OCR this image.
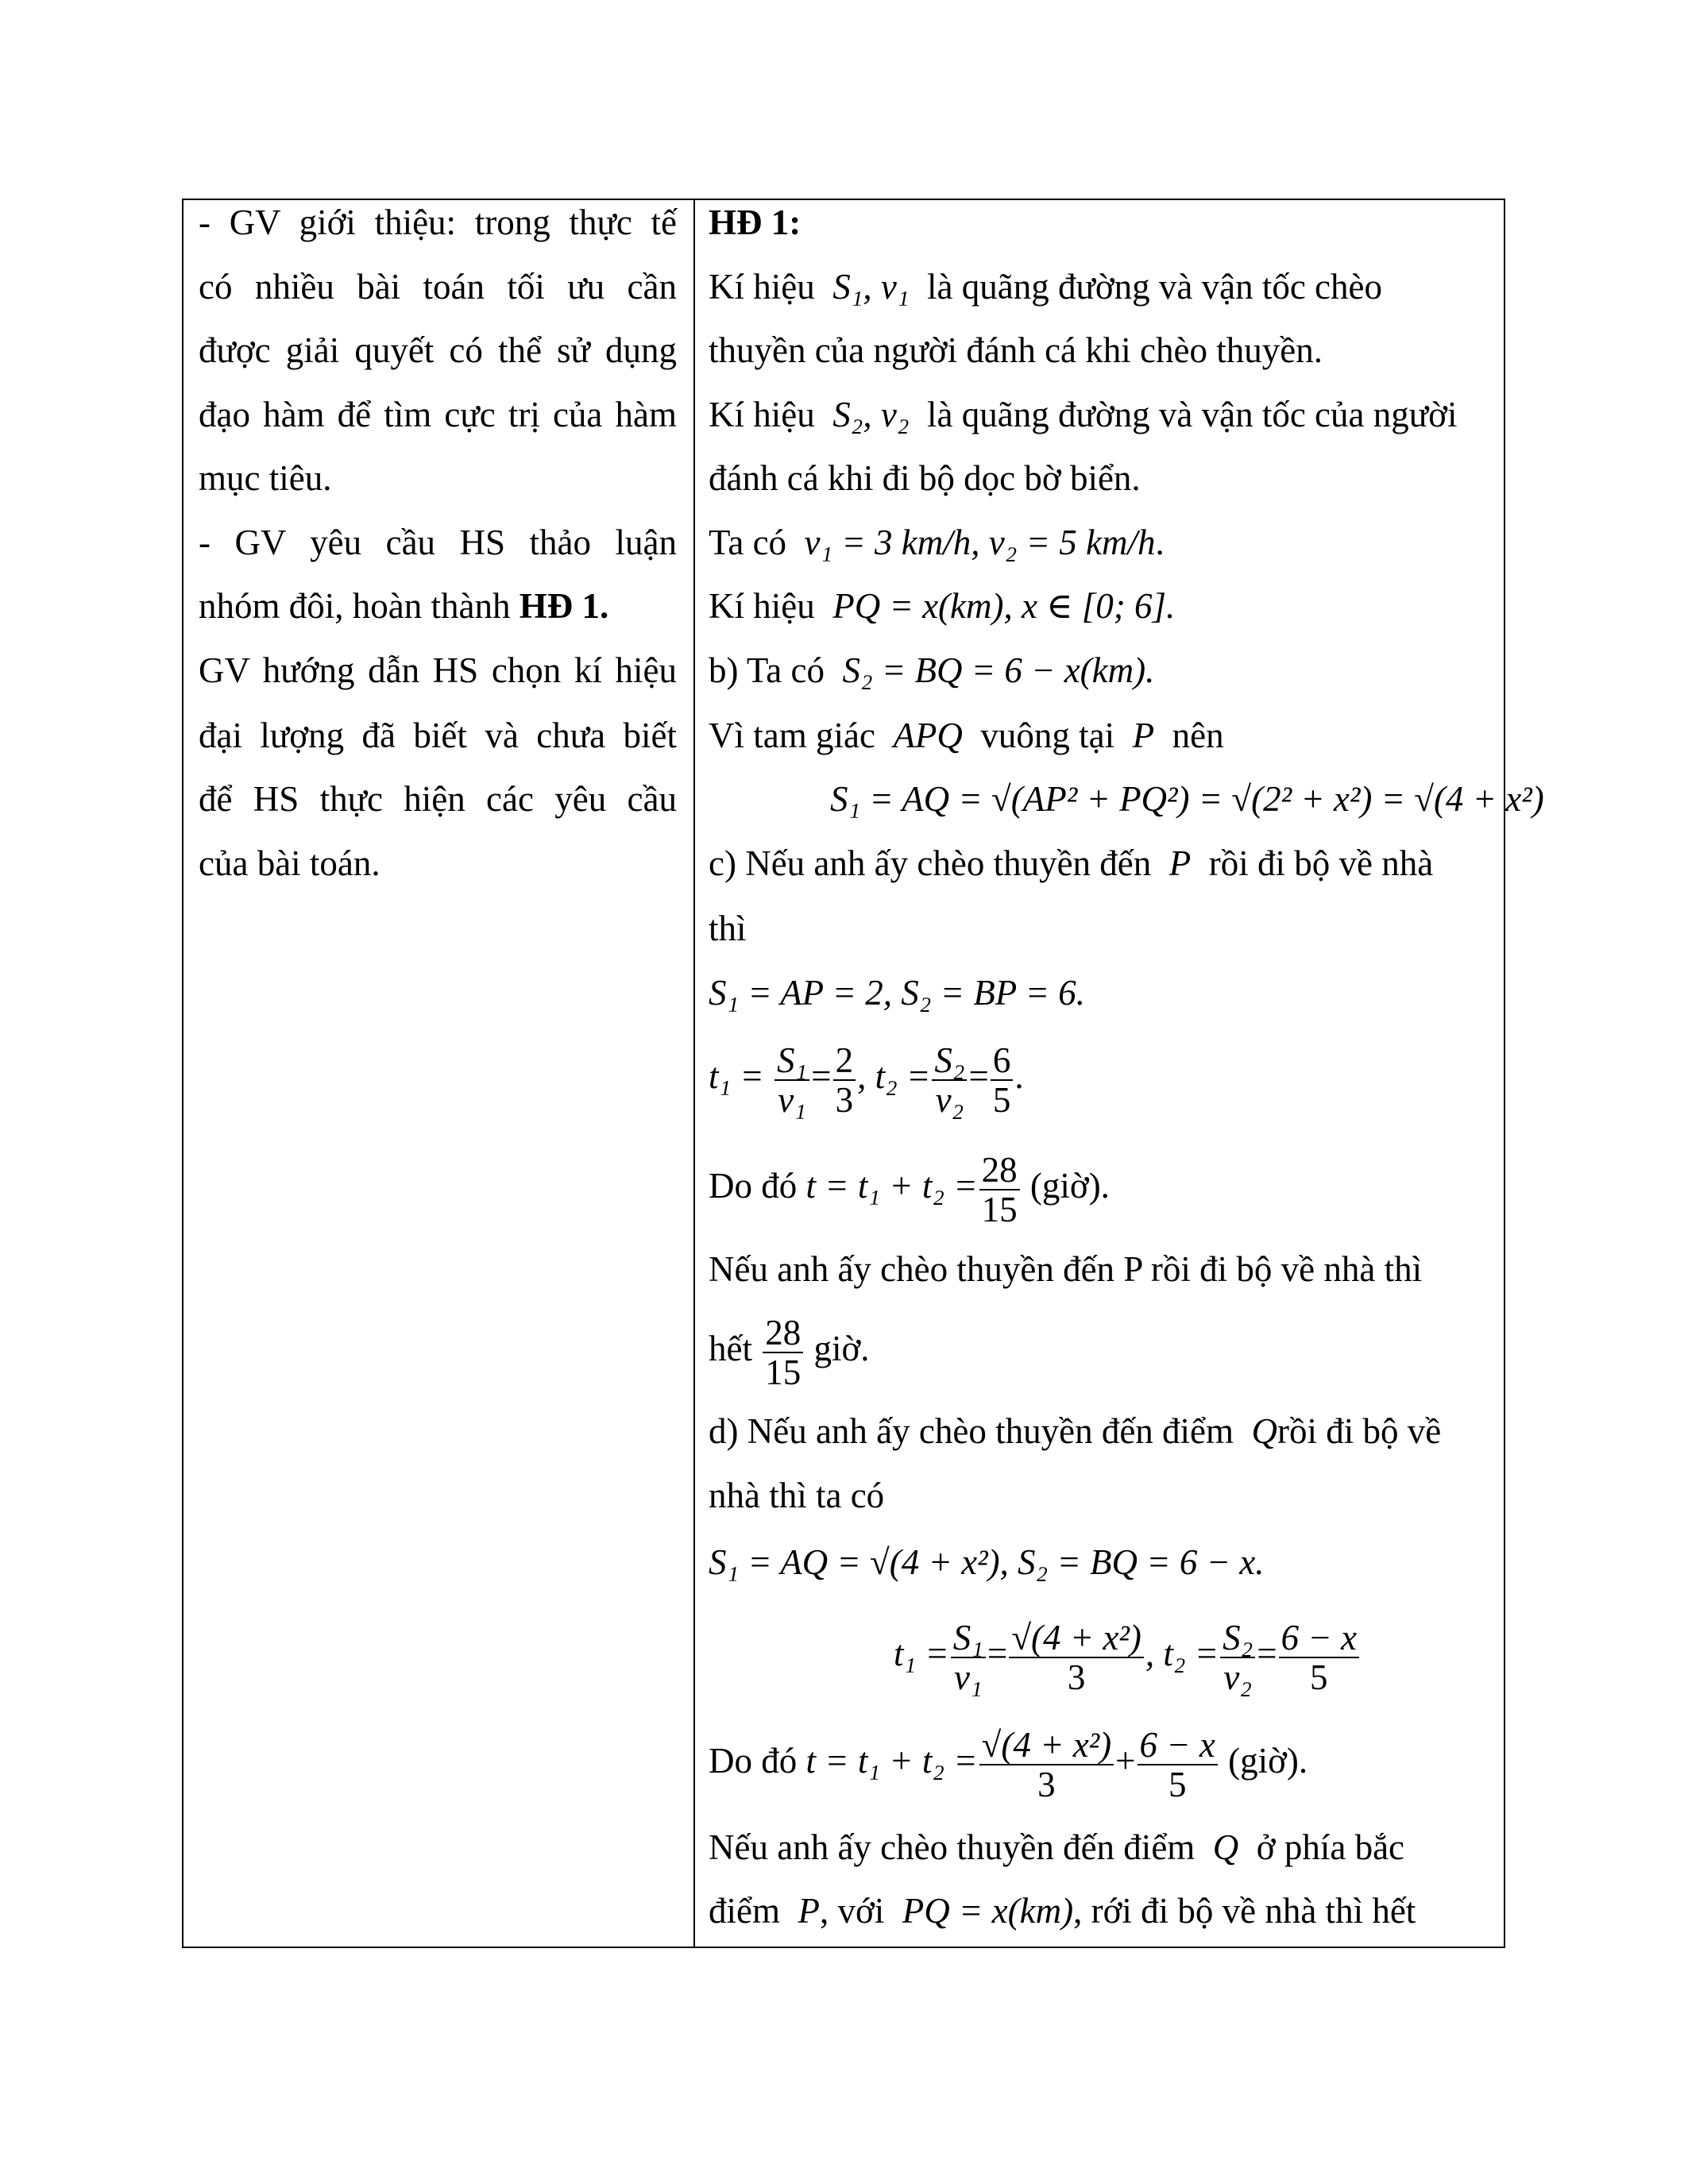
- GV giới thiệu: trong thực tế
có nhiều bài toán tối ưu cần
được giải quyết có thể sử dụng
đạo hàm để tìm cực trị của hàm
mục tiêu.
- GV yêu cầu HS thảo luận
nhóm đôi, hoàn thành HĐ 1.
GV hướng dẫn HS chọn kí hiệu
đại lượng đã biết và chưa biết
để HS thực hiện các yêu cầu
của bài toán.
HĐ 1:
Kí hiệu  S₁, v₁  là quãng đường và vận tốc chèo
thuyền của người đánh cá khi chèo thuyền.
Kí hiệu  S₂, v₂  là quãng đường và vận tốc của người
đánh cá khi đi bộ dọc bờ biển.
Ta có  v₁ = 3 km/h, v₂ = 5 km/h.
Kí hiệu  PQ = x(km), x ∈ [0; 6].
b) Ta có  S₂ = BQ = 6 − x(km).
Vì tam giác  APQ  vuông tại  P  nên
S₁ = AQ = √(AP² + PQ²) = √(2² + x²) = √(4 + x²)
c) Nếu anh ấy chèo thuyền đến  P  rồi đi bộ về nhà
thì
S₁ = AP = 2, S₂ = BP = 6.
$t_1 = \frac{\text{S₁}}{\text{v₁}} = \frac{2}{3}$ , $t_2 = \frac{\text{S₂}}{\text{v₂}} = \frac{6}{5}$ .
Do đó $t = t_1 + t_2 = \frac{28}{15}$ (giờ).
Nếu anh ấy chèo thuyền đến P rồi đi bộ về nhà thì
hết $\frac{28}{15}$ giờ.
d) Nếu anh ấy chèo thuyền đến điểm  Qrồi đi bộ về
nhà thì ta có
S₁ = AQ = √(4 + x²), S₂ = BQ = 6 − x.
$t_1 = \frac{\text{S₁}}{\text{v₁}} = \frac{\text{√(4 + x²)}}{3}$ , $t_2 = \frac{\text{S₂}}{\text{v₂}} = \frac{6 - x}{5}$
Do đó $t = t_1 + t_2 = \frac{\text{√(4 + x²)}}{3} + \frac{6 - x}{5}$ (giờ).
Nếu anh ấy chèo thuyền đến điểm  Q  ở phía bắc
điểm  P, với  PQ = x(km), rới đi bộ về nhà thì hết
